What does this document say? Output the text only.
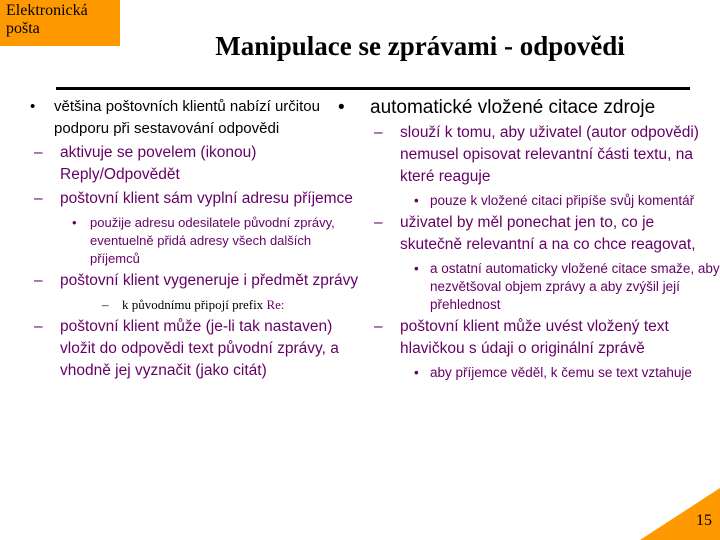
Elektronická pošta
Manipulace se zprávami - odpovědi
• většina poštovních klientů nabízí určitou podporu při sestavování odpovědi
– aktivuje se povelem (ikonou) Reply/Odpovědět
– poštovní klient sám vyplní adresu příjemce
• použije adresu odesilatele původní zprávy, eventuelně přidá adresy všech dalších příjemců
– poštovní klient vygeneruje i předmět zprávy
– k původnímu připojí prefix Re:
– poštovní klient může (je-li tak nastaven) vložit do odpovědi text původní zprávy, a vhodně jej vyznačit (jako citát)
• automatické vložené citace zdroje
– slouží k tomu, aby uživatel (autor odpovědi) nemusel opisovat relevantní části textu, na které reaguje
• pouze k vložené citaci připíše svůj komentář
– uživatel by měl ponechat jen to, co je skutečně relevantní a na co chce reagovat,
• a ostatní automaticky vložené citace smaže, aby nezvětšoval objem zprávy a aby zvýšil její přehlednost
– poštovní klient může uvést vložený text hlavičkou s údaji o originální zprávě
• aby příjemce věděl, k čemu se text vztahuje
15
